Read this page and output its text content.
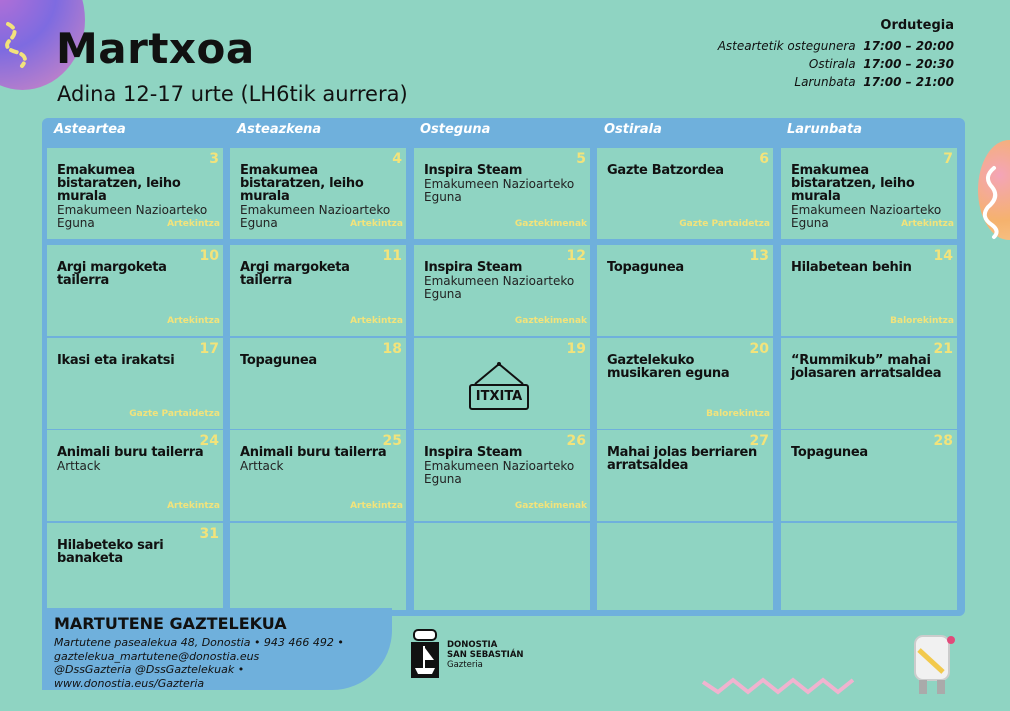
Martxoa
Adina 12-17 urte (LH6tik aurrera)
Ordutegia
Asteartetik ostegunera 17:00 – 20:00
Ostirala 17:00 – 20:30
Larunbata 17:00 – 21:00
Asteartea	Asteazkena	Osteguna	Ostirala	Larunbata
3
Emakumea bistaratzen, leiho murala
Emakumeen Nazioarteko Eguna	Artekintza
4
Emakumea bistaratzen, leiho murala
Emakumeen Nazioarteko Eguna	Artekintza
5
Inspira Steam
Emakumeen Nazioarteko Eguna
Gaztekimenak
6
Gazte Batzordea
Gazte Partaidetza
7
Emakumea bistaratzen, leiho murala
Emakumeen Nazioarteko Eguna	Artekintza
10
Argi margoketa tailerra
Artekintza
11
Argi margoketa tailerra
Artekintza
12
Inspira Steam
Emakumeen Nazioarteko Eguna
Gaztekimenak
13
Topagunea
14
Hilabetean behin
Balorekintza
17
Ikasi eta irakatsi
Gazte Partaidetza
18
Topagunea
19
ITXITA
20
Gaztelekuko musikaren eguna
Balorekintza
21
“Rummikub” mahai jolasaren arratsaldea
24
Animali buru tailerra
Arttack
Artekintza
25
Animali buru tailerra
Arttack
Artekintza
26
Inspira Steam
Emakumeen Nazioarteko Eguna
Gaztekimenak
27
Mahai jolas berriaren arratsaldea
28
Topagunea
31
Hilabeteko sari banaketa
MARTUTENE GAZTELEKUA
Martutene pasealekua 48, Donostia • 943 466 492 •
gaztelekua_martutene@donostia.eus
@DssGazteria @DssGaztelekuak •
www.donostia.eus/Gazteria
DONOSTIA
SAN SEBASTIÁN
Gazteria
